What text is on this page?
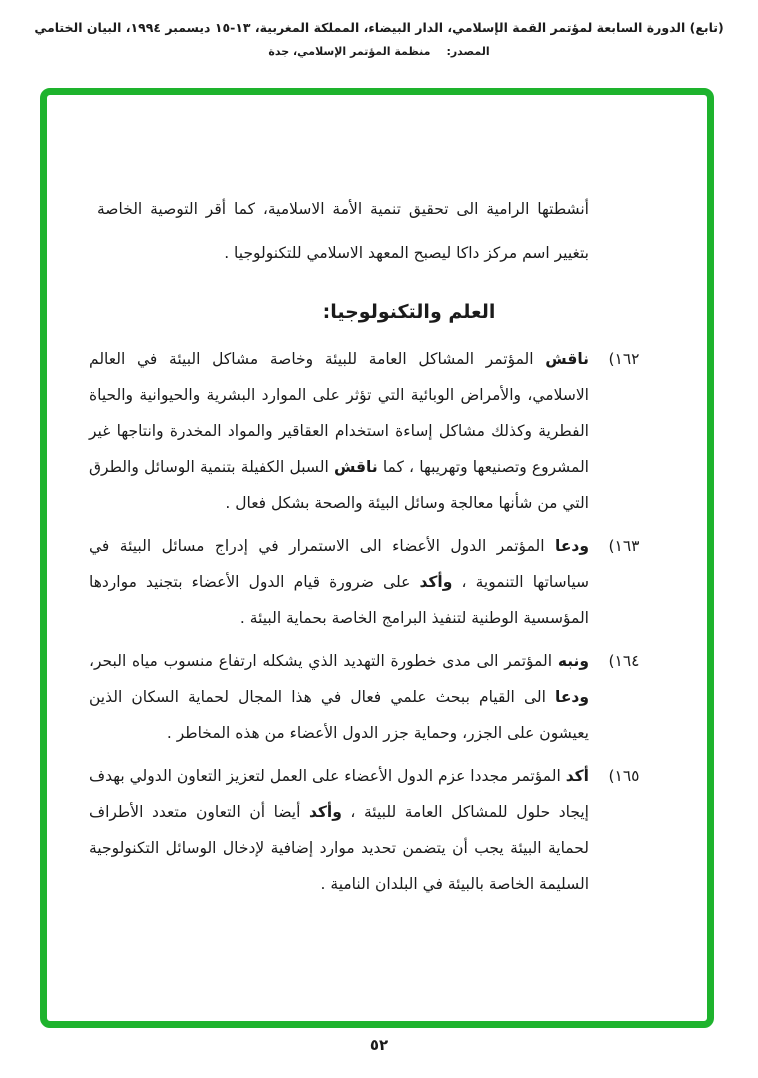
(تابع) الدورة السابعة لمؤتمر القمة الإسلامي، الدار البيضاء، المملكة المغربية، ١٣-١٥ ديسمبر ١٩٩٤، البيان الختامي
المصدر:منظمة المؤتمر الإسلامي، جدة

أنشطتها الرامية الى تحقيق تنمية الأمة الاسلامية، كما أقر التوصية الخاصة بتغيير اسم مركز داكا ليصبح المعهد الاسلامي للتكنولوجيا .

العلم والتكنولوجيا:
١٦٢)
ناقش المؤتمر المشاكل العامة للبيئة وخاصة مشاكل البيئة في العالم الاسلامي، والأمراض الوبائية التي تؤثر على الموارد البشرية والحيوانية والحياة الفطرية وكذلك مشاكل إساءة استخدام العقاقير والمواد المخدرة وانتاجها غير المشروع وتصنيعها وتهريبها ، كما ناقش السبل الكفيلة بتنمية الوسائل والطرق التي من شأنها معالجة وسائل البيئة والصحة بشكل فعال .
١٦٣)
ودعا المؤتمر الدول الأعضاء الى الاستمرار في إدراج مسائل البيئة في سياساتها التنموية ، وأكد على ضرورة قيام الدول الأعضاء بتجنيد مواردها المؤسسية الوطنية لتنفيذ البرامج الخاصة بحماية البيئة .
١٦٤)
ونبه المؤتمر الى مدى خطورة التهديد الذي يشكله ارتفاع منسوب مياه البحر، ودعا الى القيام ببحث علمي فعال في هذا المجال لحماية السكان الذين يعيشون على الجزر، وحماية جزر الدول الأعضاء من هذه المخاطر .
١٦٥)
أكد المؤتمر مجددا عزم الدول الأعضاء على العمل لتعزيز التعاون الدولي بهدف إيجاد حلول للمشاكل العامة للبيئة ، وأكد أيضا أن التعاون متعدد الأطراف لحماية البيئة يجب أن يتضمن تحديد موارد إضافية لإدخال الوسائل التكنولوجية السليمة الخاصة بالبيئة في البلدان النامية .
٥٢
